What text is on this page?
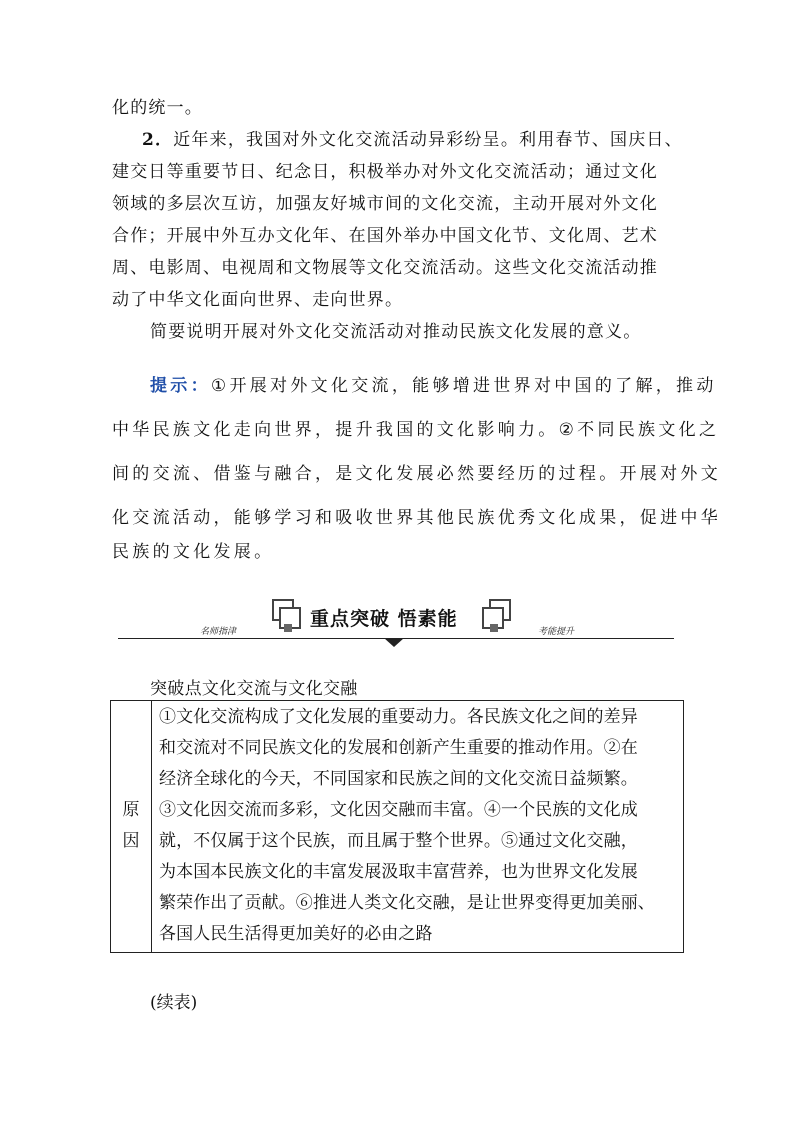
化的统一。
2．近年来，我国对外文化交流活动异彩纷呈。利用春节、国庆日、
建交日等重要节日、纪念日，积极举办对外文化交流活动；通过文化
领域的多层次互访，加强友好城市间的文化交流，主动开展对外文化
合作；开展中外互办文化年、在国外举办中国文化节、文化周、艺术
周、电影周、电视周和文物展等文化交流活动。这些文化交流活动推
动了中华文化面向世界、走向世界。
简要说明开展对外文化交流活动对推动民族文化发展的意义。
提示：①开展对外文化交流，能够增进世界对中国的了解，推动
中华民族文化走向世界，提升我国的文化影响力。②不同民族文化之
间的交流、借鉴与融合，是文化发展必然要经历的过程。开展对外文
化交流活动，能够学习和吸收世界其他民族优秀文化成果，促进中华
民族的文化发展。
重点突破 悟素能
名师指津	考能提升
突破点文化交流与文化交融
原
因
①文化交流构成了文化发展的重要动力。各民族文化之间的差异
和交流对不同民族文化的发展和创新产生重要的推动作用。②在
经济全球化的今天，不同国家和民族之间的文化交流日益频繁。
③文化因交流而多彩，文化因交融而丰富。④一个民族的文化成
就，不仅属于这个民族，而且属于整个世界。⑤通过文化交融，
为本国本民族文化的丰富发展汲取丰富营养，也为世界文化发展
繁荣作出了贡献。⑥推进人类文化交融，是让世界变得更加美丽、
各国人民生活得更加美好的必由之路
(续表)
